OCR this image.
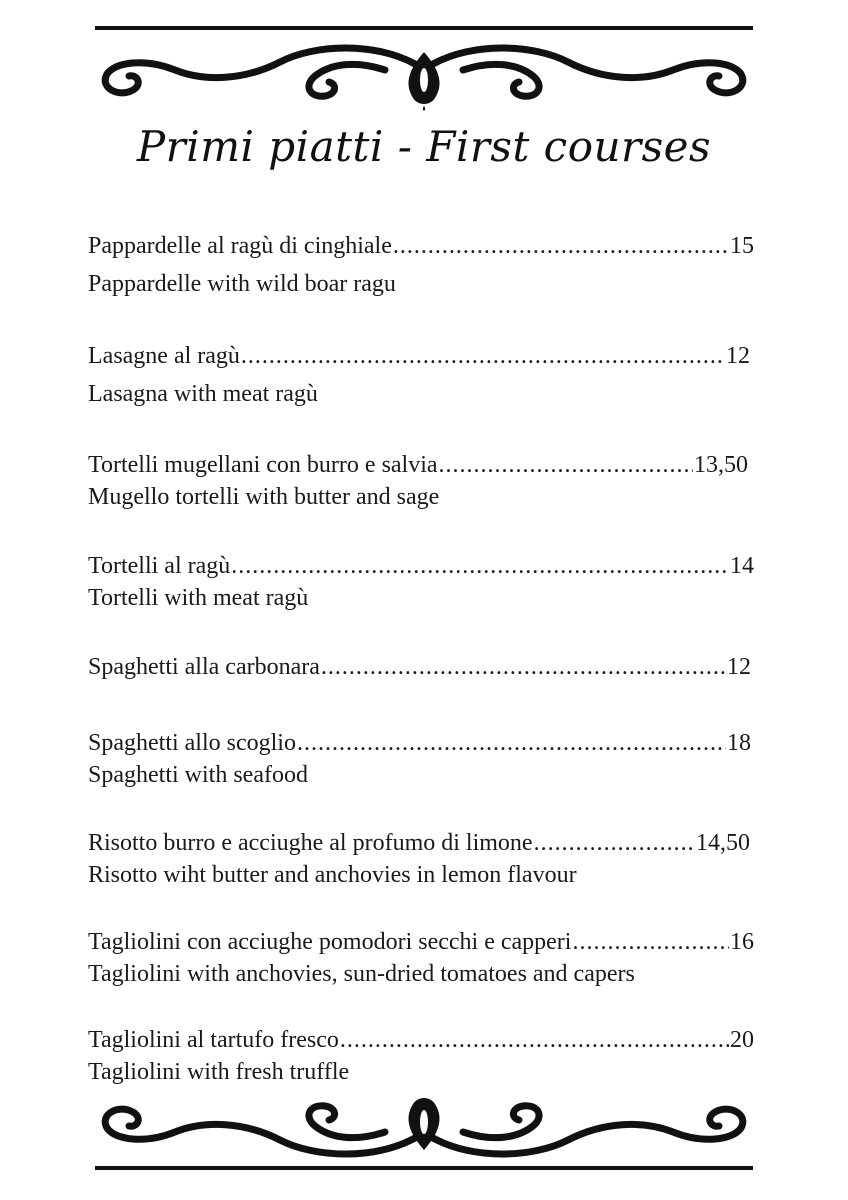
Primi piatti - First courses
Pappardelle al ragù di cinghiale .....	15
Pappardelle with wild boar ragu
Lasagne al ragù .....	12
Lasagna with meat ragù
Tortelli mugellani con burro e salvia .....	13,50
Mugello tortelli with butter and sage
Tortelli al ragù .....	14
Tortelli with meat ragù
Spaghetti alla carbonara .....	12
Spaghetti allo scoglio .....	18
Spaghetti with seafood
Risotto burro e acciughe al profumo di limone .....	14,50
Risotto wiht butter and anchovies in lemon flavour
Tagliolini con acciughe pomodori secchi e capperi .....	16
Tagliolini with anchovies, sun-dried tomatoes and capers
Tagliolini al tartufo fresco .....	20
Tagliolini with fresh truffle
